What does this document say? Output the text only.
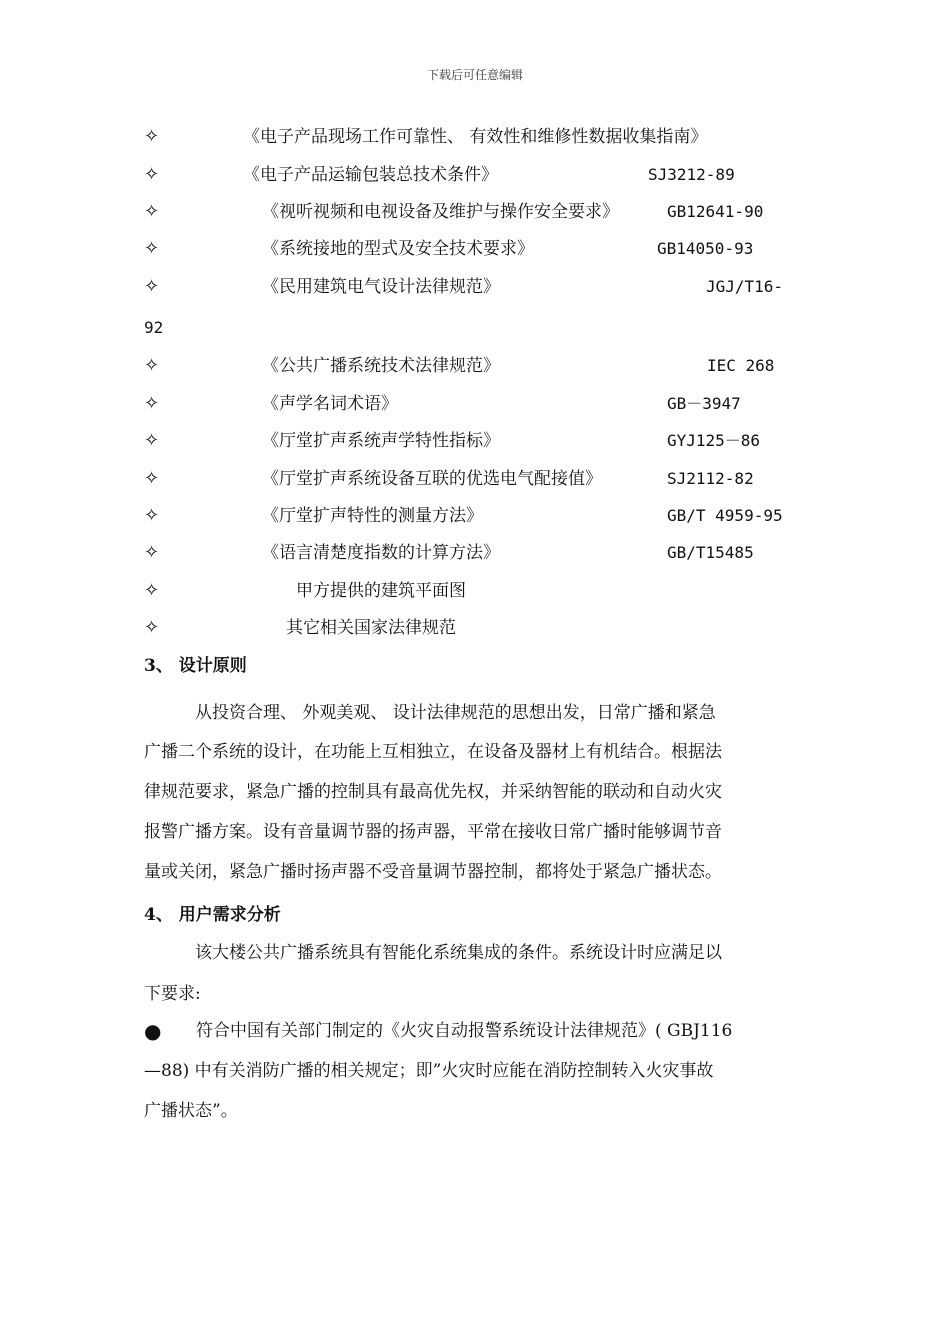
下载后可任意编辑
✧	《电子产品现场工作可靠性、 有效性和维修性数据收集指南》
✧	《电子产品运输包装总技术条件》	SJ3212-89
✧	《视听视频和电视设备及维护与操作安全要求》	GB12641-90
✧	《系统接地的型式及安全技术要求》	GB14050-93
✧	《民用建筑电气设计法律规范》	JGJ/T16-
92
✧	《公共广播系统技术法律规范》	IEC 268
✧	《声学名词术语》	GB－3947
✧	《厅堂扩声系统声学特性指标》	GYJ125－86
✧	《厅堂扩声系统设备互联的优选电气配接值》	SJ2112-82
✧	《厅堂扩声特性的测量方法》	GB/T 4959-95
✧	《语言清楚度指数的计算方法》	GB/T15485
✧	甲方提供的建筑平面图
✧	其它相关国家法律规范
3、 设计原则
从投资合理、 外观美观、 设计法律规范的思想出发，日常广播和紧急
广播二个系统的设计，在功能上互相独立，在设备及器材上有机结合。根据法
律规范要求，紧急广播的控制具有最高优先权，并采纳智能的联动和自动火灾
报警广播方案。设有音量调节器的扬声器，平常在接收日常广播时能够调节音
量或关闭，紧急广播时扬声器不受音量调节器控制，都将处于紧急广播状态。
4、 用户需求分析
该大楼公共广播系统具有智能化系统集成的条件。系统设计时应满足以
下要求:
● 符合中国有关部门制定的《火灾自动报警系统设计法律规范》( GBJ116
—88) 中有关消防广播的相关规定；即”火灾时应能在消防控制转入火灾事故
广播状态”。
